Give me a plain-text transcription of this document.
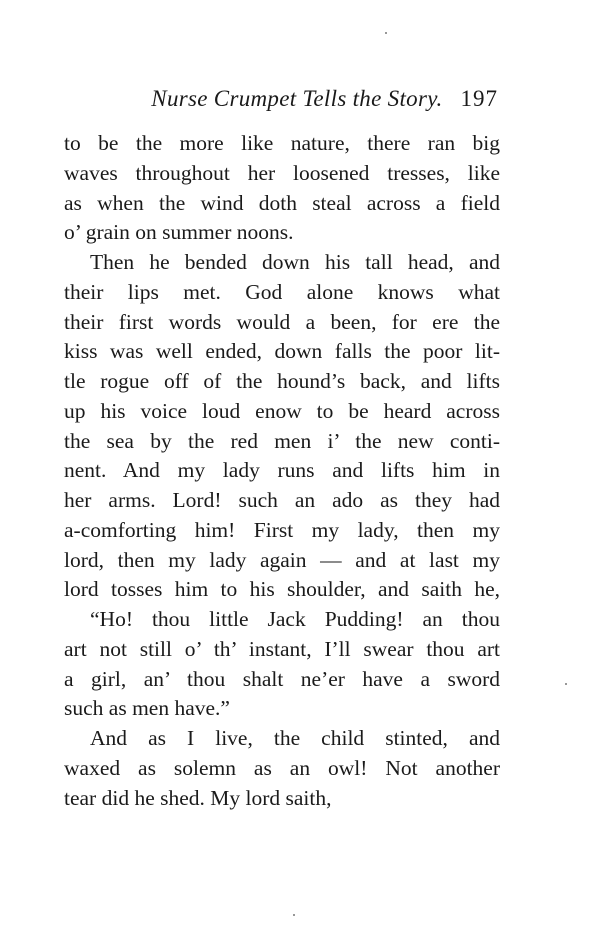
Nurse Crumpet Tells the Story. 197
to be the more like nature, there ran big
waves throughout her loosened tresses, like
as when the wind doth steal across a field
o’ grain on summer noons.
Then he bended down his tall head, and
their lips met. God alone knows what
their first words would a been, for ere the
kiss was well ended, down falls the poor lit-
tle rogue off of the hound’s back, and lifts
up his voice loud enow to be heard across
the sea by the red men i’ the new conti-
nent. And my lady runs and lifts him in
her arms. Lord! such an ado as they had
a-comforting him! First my lady, then my
lord, then my lady again — and at last my
lord tosses him to his shoulder, and saith he,
“Ho! thou little Jack Pudding! an thou
art not still o’ th’ instant, I’ll swear thou art
a girl, an’ thou shalt ne’er have a sword
such as men have.”
And as I live, the child stinted, and
waxed as solemn as an owl! Not another
tear did he shed. My lord saith,
